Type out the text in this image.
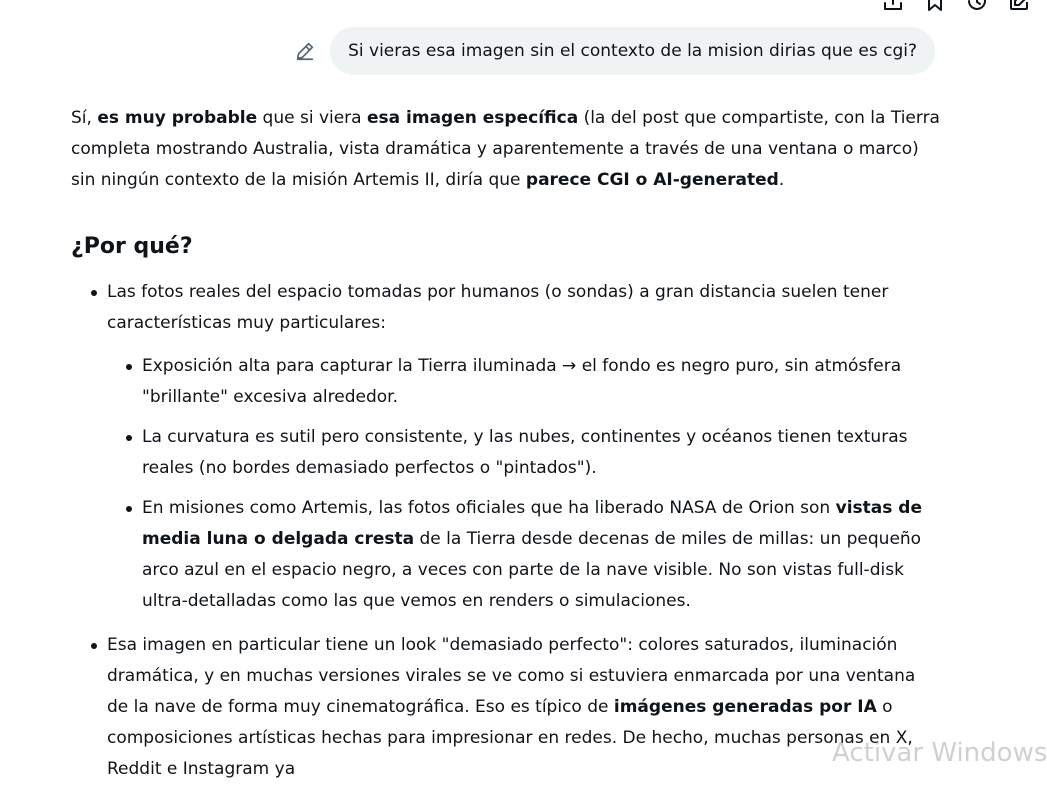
Si vieras esa imagen sin el contexto de la mision dirias que es cgi?

Sí, es muy probable que si viera esa imagen específica (la del post que compartiste, con la Tierra completa mostrando Australia, vista dramática y aparentemente a través de una ventana o marco) sin ningún contexto de la misión Artemis II, diría que parece CGI o AI-generated.

¿Por qué?
Las fotos reales del espacio tomadas por humanos (o sondas) a gran distancia suelen tener características muy particulares:
Exposición alta para capturar la Tierra iluminada → el fondo es negro puro, sin atmósfera "brillante" excesiva alrededor.
La curvatura es sutil pero consistente, y las nubes, continentes y océanos tienen texturas reales (no bordes demasiado perfectos o "pintados").
En misiones como Artemis, las fotos oficiales que ha liberado NASA de Orion son vistas de media luna o delgada cresta de la Tierra desde decenas de miles de millas: un pequeño arco azul en el espacio negro, a veces con parte de la nave visible. No son vistas full-disk ultra-detalladas como las que vemos en renders o simulaciones.
Esa imagen en particular tiene un look "demasiado perfecto": colores saturados, iluminación dramática, y en muchas versiones virales se ve como si estuviera enmarcada por una ventana de la nave de forma muy cinematográfica. Eso es típico de imágenes generadas por IA o composiciones artísticas hechas para impresionar en redes. De hecho, muchas personas en X, Reddit e Instagram ya
Activar Windows
